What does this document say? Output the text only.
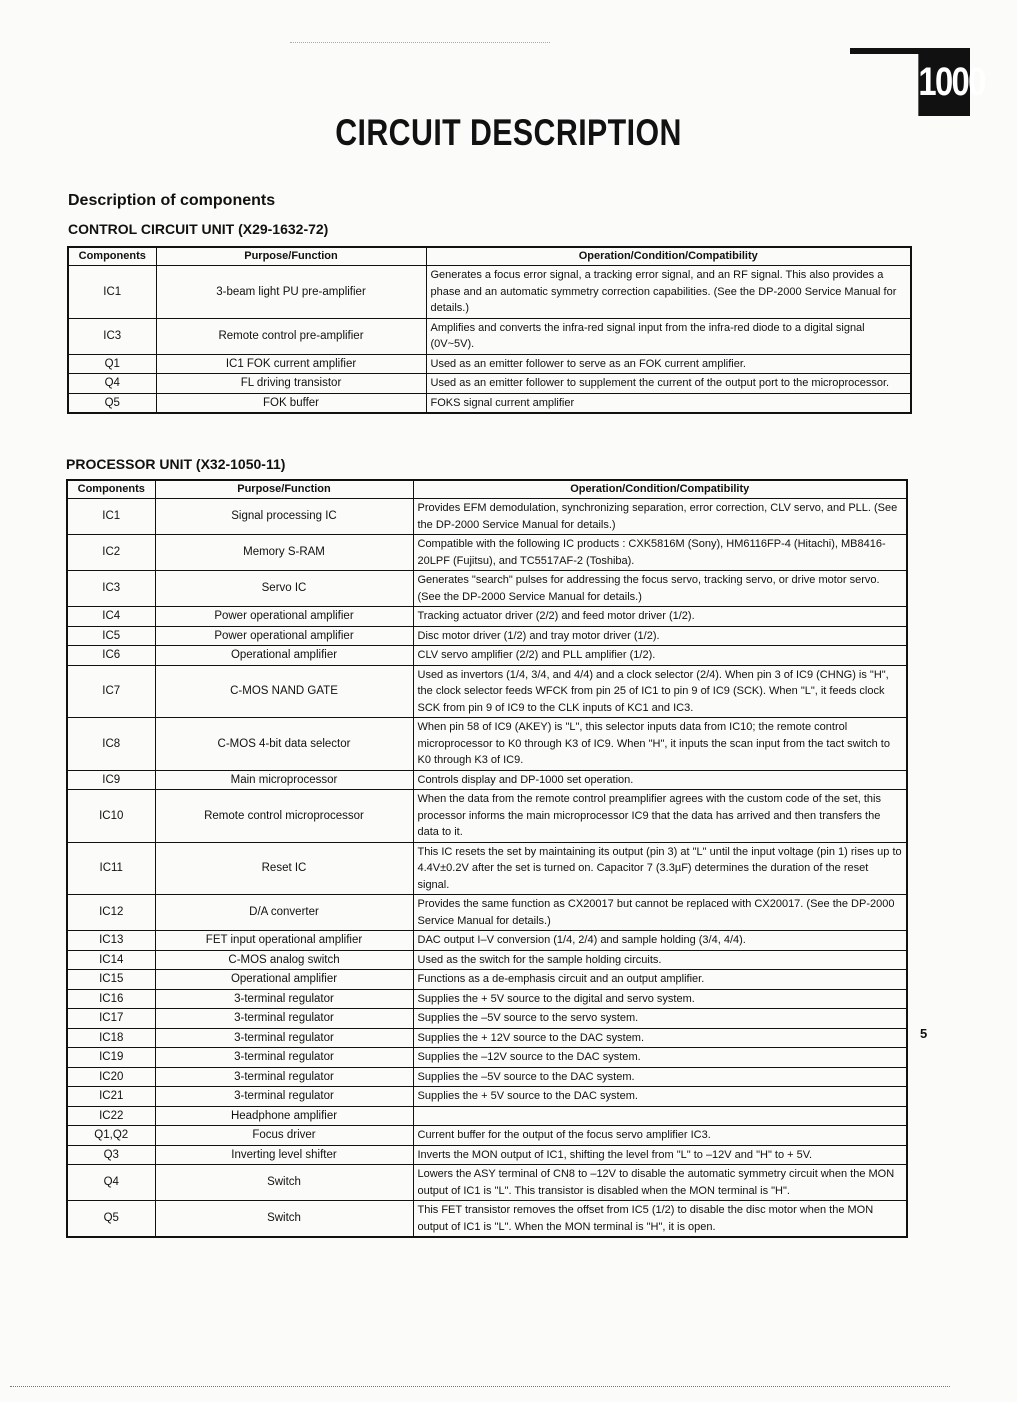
1000
CIRCUIT DESCRIPTION
Description of components
CONTROL CIRCUIT UNIT (X29-1632-72)
Components	Purpose/Function	Operation/Condition/Compatibility
IC1	3-beam light PU pre-amplifier	Generates a focus error signal, a tracking error signal, and an RF signal. This also provides a phase and an automatic symmetry correction capabilities. (See the DP-2000 Service Manual for details.)
IC3	Remote control pre-amplifier	Amplifies and converts the infra-red signal input from the infra-red diode to a digital signal (0V~5V).
Q1	IC1 FOK current amplifier	Used as an emitter follower to serve as an FOK current amplifier.
Q4	FL driving transistor	Used as an emitter follower to supplement the current of the output port to the microprocessor.
Q5	FOK buffer	FOKS signal current amplifier
PROCESSOR UNIT (X32-1050-11)
Components	Purpose/Function	Operation/Condition/Compatibility
IC1	Signal processing IC	Provides EFM demodulation, synchronizing separation, error correction, CLV servo, and PLL. (See the DP-2000 Service Manual for details.)
IC2	Memory S-RAM	Compatible with the following IC products : CXK5816M (Sony), HM6116FP-4 (Hitachi), MB8416-20LPF (Fujitsu), and TC5517AF-2 (Toshiba).
IC3	Servo IC	Generates "search" pulses for addressing the focus servo, tracking servo, or drive motor servo. (See the DP-2000 Service Manual for details.)
IC4	Power operational amplifier	Tracking actuator driver (2/2) and feed motor driver (1/2).
IC5	Power operational amplifier	Disc motor driver (1/2) and tray motor driver (1/2).
IC6	Operational amplifier	CLV servo amplifier (2/2) and PLL amplifier (1/2).
IC7	C-MOS NAND GATE	Used as invertors (1/4, 3/4, and 4/4) and a clock selector (2/4). When pin 3 of IC9 (CHNG) is "H", the clock selector feeds WFCK from pin 25 of IC1 to pin 9 of IC9 (SCK). When "L", it feeds clock SCK from pin 9 of IC9 to the CLK inputs of KC1 and IC3.
IC8	C-MOS 4-bit data selector	When pin 58 of IC9 (AKEY) is "L", this selector inputs data from IC10; the remote control microprocessor to K0 through K3 of IC9. When "H", it inputs the scan input from the tact switch to K0 through K3 of IC9.
IC9	Main microprocessor	Controls display and DP-1000 set operation.
IC10	Remote control microprocessor	When the data from the remote control preamplifier agrees with the custom code of the set, this processor informs the main microprocessor IC9 that the data has arrived and then transfers the data to it.
IC11	Reset IC	This IC resets the set by maintaining its output (pin 3) at "L" until the input voltage (pin 1) rises up to 4.4V±0.2V after the set is turned on. Capacitor 7 (3.3µF) determines the duration of the reset signal.
IC12	D/A converter	Provides the same function as CX20017 but cannot be replaced with CX20017. (See the DP-2000 Service Manual for details.)
IC13	FET input operational amplifier	DAC output I–V conversion (1/4, 2/4) and sample holding (3/4, 4/4).
IC14	C-MOS analog switch	Used as the switch for the sample holding circuits.
IC15	Operational amplifier	Functions as a de-emphasis circuit and an output amplifier.
IC16	3-terminal regulator	Supplies the + 5V source to the digital and servo system.
IC17	3-terminal regulator	Supplies the –5V source to the servo system.
IC18	3-terminal regulator	Supplies the + 12V source to the DAC system.
IC19	3-terminal regulator	Supplies the –12V source to the DAC system.
IC20	3-terminal regulator	Supplies the –5V source to the DAC system.
IC21	3-terminal regulator	Supplies the + 5V source to the DAC system.
IC22	Headphone amplifier	
Q1,Q2	Focus driver	Current buffer for the output of the focus servo amplifier IC3.
Q3	Inverting level shifter	Inverts the MON output of IC1, shifting the level from "L" to –12V and "H" to + 5V.
Q4	Switch	Lowers the ASY terminal of CN8 to –12V to disable the automatic symmetry circuit when the MON output of IC1 is "L". This transistor is disabled when the MON terminal is "H".
Q5	Switch	This FET transistor removes the offset from IC5 (1/2) to disable the disc motor when the MON output of IC1 is "L". When the MON terminal is "H", it is open.
5
